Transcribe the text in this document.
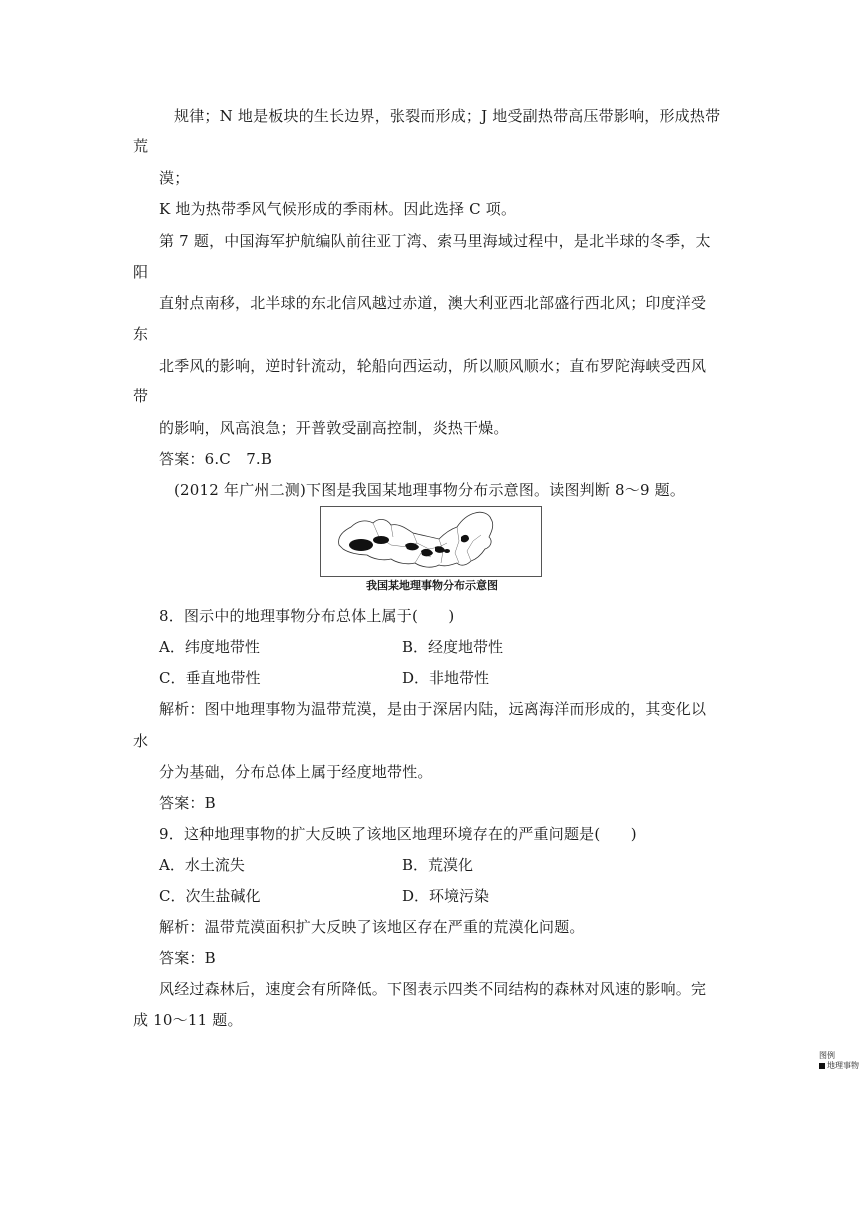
规律；N 地是板块的生长边界，张裂而形成；J 地受副热带高压带影响，形成热带
荒
漠；
K 地为热带季风气候形成的季雨林。因此选择 C 项。
第 7 题，中国海军护航编队前往亚丁湾、索马里海域过程中，是北半球的冬季，太
阳
直射点南移，北半球的东北信风越过赤道，澳大利亚西北部盛行西北风；印度洋受
东
北季风的影响，逆时针流动，轮船向西运动，所以顺风顺水；直布罗陀海峡受西风
带
的影响，风高浪急；开普敦受副高控制，炎热干燥。
答案：6.C　7.B
(2012 年广州二测)下图是我国某地理事物分布示意图。读图判断 8～9 题。
图例
地理事物
我国某地理事物分布示意图
8．图示中的地理事物分布总体上属于(　　)
A．纬度地带性	B．经度地带性
C．垂直地带性	D．非地带性
解析：图中地理事物为温带荒漠，是由于深居内陆，远离海洋而形成的，其变化以
水
分为基础，分布总体上属于经度地带性。
答案：B
9．这种地理事物的扩大反映了该地区地理环境存在的严重问题是(　　)
A．水土流失	B．荒漠化
C．次生盐碱化	D．环境污染
解析：温带荒漠面积扩大反映了该地区存在严重的荒漠化问题。
答案：B
风经过森林后，速度会有所降低。下图表示四类不同结构的森林对风速的影响。完
成 10～11 题。
